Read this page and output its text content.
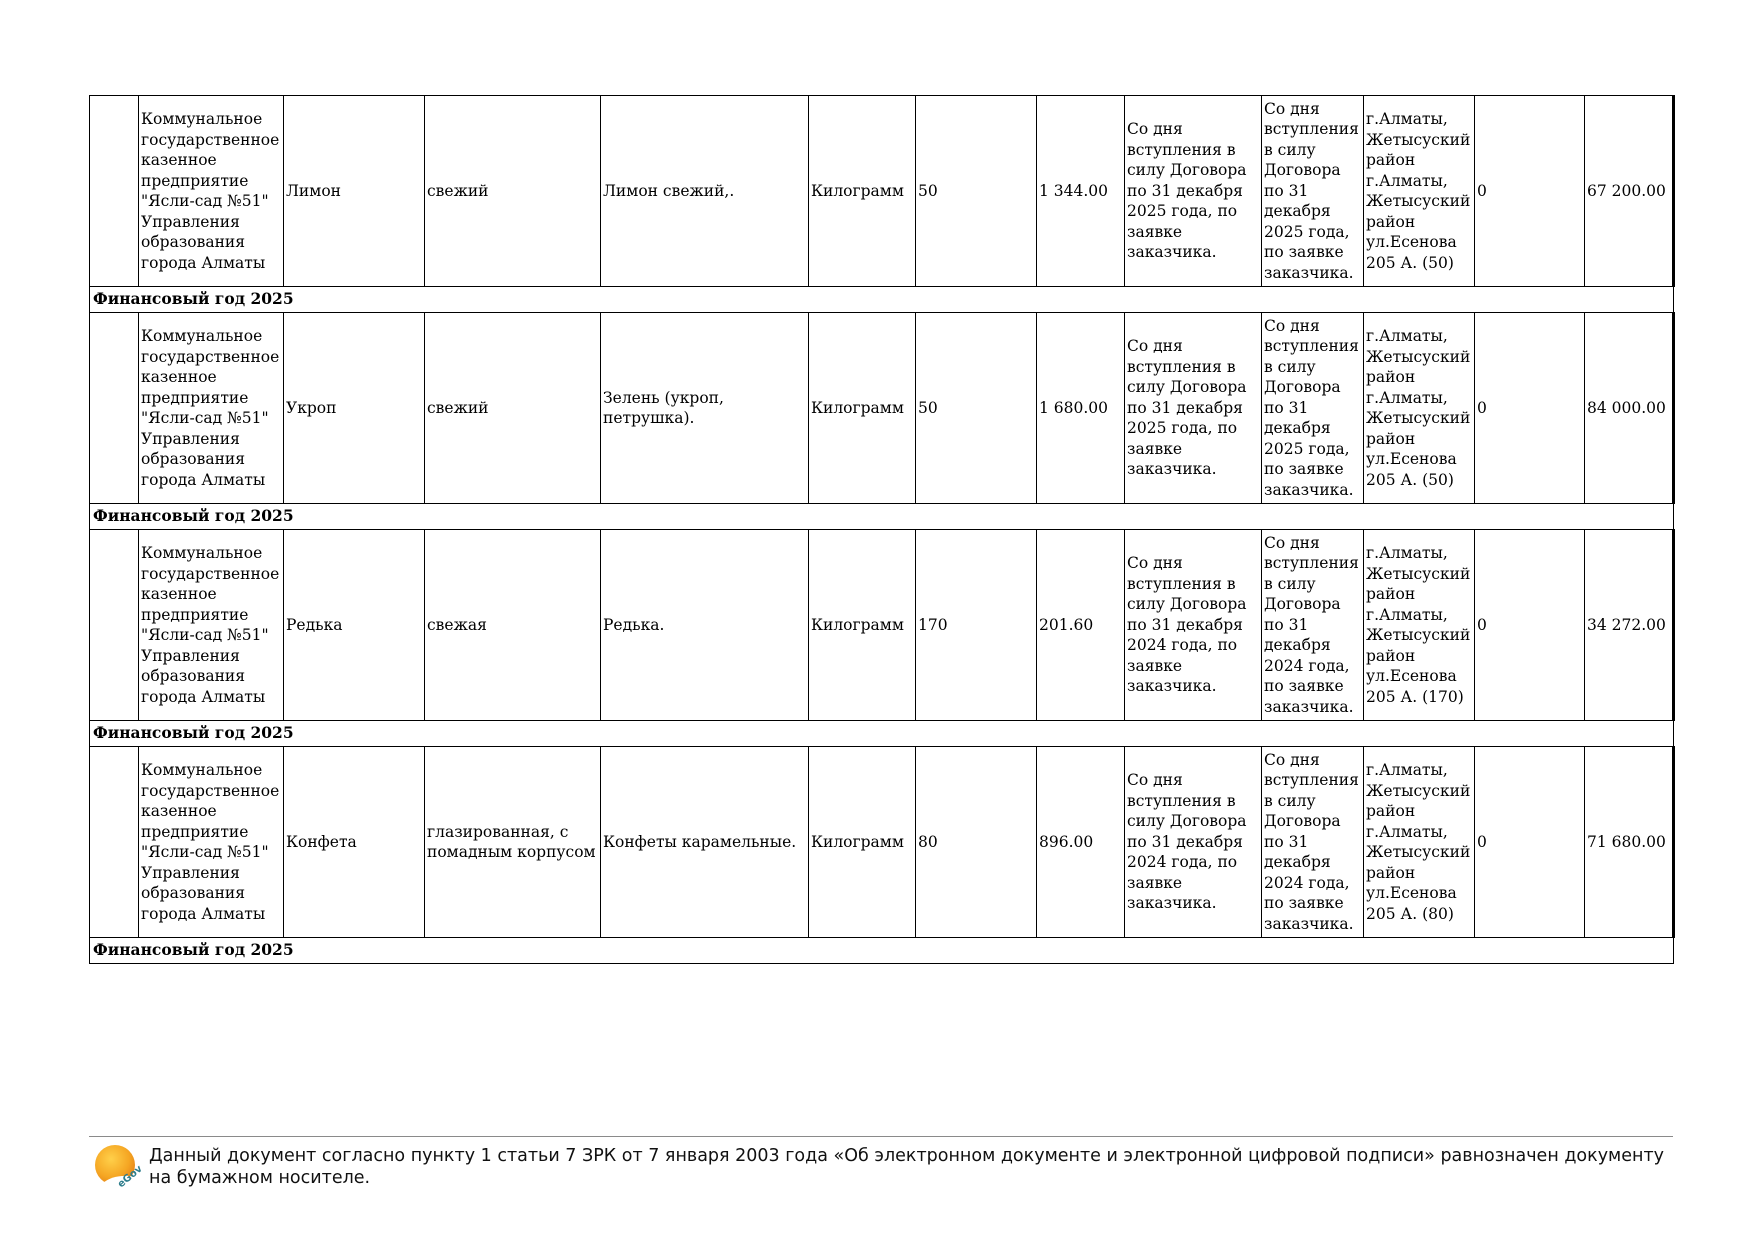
	Коммунальное государственное казенное предприятие "Ясли-сад №51" Управления образования города Алматы	Лимон	свежий	Лимон свежий,.	Килограмм	50	1 344.00	Со дня вступления в силу Договора по 31 декабря 2025 года, по заявке заказчика.	Со дня вступления в силу Договора по 31 декабря 2025 года, по заявке заказчика.	г.Алматы, Жетысуский район г.Алматы, Жетысуский район ул.Есенова 205 А. (50)	0	67 200.00
Финансовый год 2025												
	Коммунальное государственное казенное предприятие "Ясли-сад №51" Управления образования города Алматы	Укроп	свежий	Зелень (укроп, петрушка).	Килограмм	50	1 680.00	Со дня вступления в силу Договора по 31 декабря 2025 года, по заявке заказчика.	Со дня вступления в силу Договора по 31 декабря 2025 года, по заявке заказчика.	г.Алматы, Жетысуский район г.Алматы, Жетысуский район ул.Есенова 205 А. (50)	0	84 000.00
Финансовый год 2025												
	Коммунальное государственное казенное предприятие "Ясли-сад №51" Управления образования города Алматы	Редька	свежая	Редька.	Килограмм	170	201.60	Со дня вступления в силу Договора по 31 декабря 2024 года, по заявке заказчика.	Со дня вступления в силу Договора по 31 декабря 2024 года, по заявке заказчика.	г.Алматы, Жетысуский район г.Алматы, Жетысуский район ул.Есенова 205 А. (170)	0	34 272.00
Финансовый год 2025												
	Коммунальное государственное казенное предприятие "Ясли-сад №51" Управления образования города Алматы	Конфета	глазированная, с помадным корпусом	Конфеты карамельные.	Килограмм	80	896.00	Со дня вступления в силу Договора по 31 декабря 2024 года, по заявке заказчика.	Со дня вступления в силу Договора по 31 декабря 2024 года, по заявке заказчика.	г.Алматы, Жетысуский район г.Алматы, Жетысуский район ул.Есенова 205 А. (80)	0	71 680.00
Финансовый год 2025												
eGov
Данный документ согласно пункту 1 статьи 7 ЗРК от 7 января 2003 года «Об электронном документе и электронной цифровой подписи» равнозначен документу на бумажном носителе.
